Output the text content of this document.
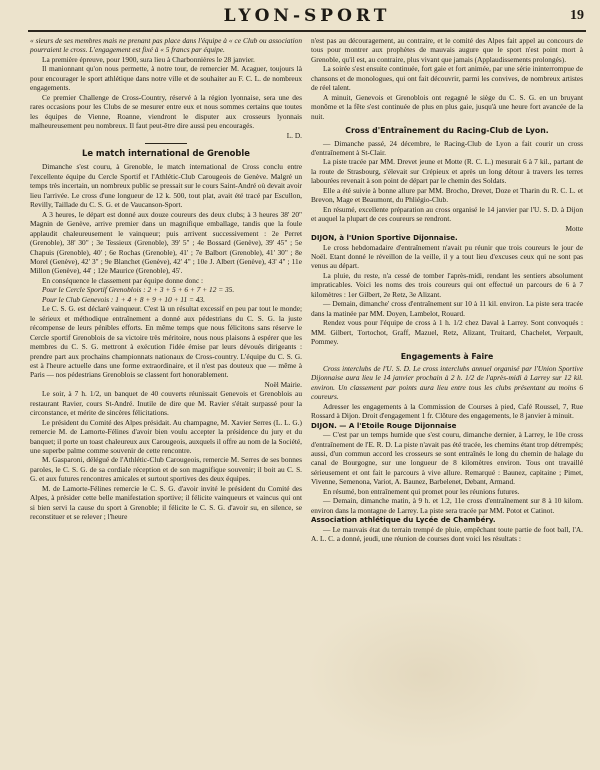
LYON-SPORT	19

« sieurs de ses membres mais ne prenant pas place dans l'équipe à « ce Club ou association pourraient le cross. L'engagement est fixé à « 5 francs par équipe.

La première épreuve, pour 1900, sura lieu à Charbonnières le 28 janvier.

Il manionnant qu'on nous permette, à notre tour, de remercier M. Acaguer, toujours là pour encourager le sport athlétique dans notre ville et de souhaiter au F. C. L. de nombreux engagements.

Ce premier Challenge de Cross-Country, réservé à la région lyonnaise, sera une des rares occasions pour les Clubs de se mesurer entre eux et nous sommes certains que toutes les équipes de Vienne, Roanne, viendront le disputer aux crosseurs lyonnais malheureusement peu nombreux. Il faut peut-être dire aussi peu encouragés.

L. D.

Le match international de Grenoble

Dimanche s'est couru, à Grenoble, le match international de Cross conclu entre l'excellente équipe du Cercle Sportif et l'Athlétic-Club Carougeois de Genève. Malgré un temps très incertain, un nombreux public se pressait sur le cours Saint-André où devait avoir lieu l'arrivée. Le cross d'une longueur de 12 k. 500, tout plat, avait été tracé par Escullon, Revilly, Taillade du C. S. G. et de Vaucanson-Sport.

A 3 heures, le départ est donné aux douze coureurs des deux clubs; à 3 heures 38' 20" Magnin de Genève, arrive premier dans un magnifique emballage, tandis que la foule applaudit chaleureusement le vainqueur; puis arrivent successivement : 2e Perret (Grenoble), 38' 30" ; 3e Tessieux (Grenoble), 39' 5" ; 4e Bossard (Genève), 39' 45" ; 5e Chapuis (Grenoble), 40' ; 6e Rochas (Grenoble), 41' ; 7e Balbort (Grenoble), 41' 30" ; 8e Morel (Genève), 42' 3" ; 9e Blanchet (Genève), 42' 4" ; 10e J. Albert (Genève), 43' 4" ; 11e Millon (Genève), 44' ; 12e Maurice (Grenoble), 45'.

En conséquence le classement par équipe donne donc :

Pour le Cercle Sportif Grenoblois : 2 + 3 + 5 + 6 + 7 + 12 = 35.

Pour le Club Genevois : 1 + 4 + 8 + 9 + 10 + 11 = 43.

Le C. S. G. est déclaré vainqueur. C'est là un résultat excessif en peu par tout le monde; le sérieux et méthodique entraînement a donné aux pédestrians du C. S. G. la juste récompense de leurs pénibles efforts. En même temps que nous félicitons sans réserve le Cercle sportif Grenoblois de sa victoire très méritoire, nous nous plaisons à espérer que les membres du C. S. G. mettront à exécution l'idée émise par leurs dévoués dirigeants : prendre part aux prochains championnats nationaux de Cross-country. L'équipe du C. S. G. est à l'heure actuelle dans une forme extraordinaire, et il n'est pas douteux que — même à Paris — nos pédestrians Grenoblois se classent fort honorablement.

Noël Mairie.

Le soir, à 7 h. 1/2, un banquet de 40 couverts réunissait Genevois et Grenoblois au restaurant Ravier, cours St-André. Inutile de dire que M. Ravier s'était surpassé pour la circonstance, et mérite de sincères félicitations.

Le président du Comité des Alpes présidait. Au champagne, M. Xavier Serres (L. L. G.) remercie M. de Lamorte-Félines d'avoir bien voulu accepter la présidence du jury et du banquet; il porte un toast chaleureux aux Carougeois, auxquels il offre au nom de la Société, une superbe palme comme souvenir de cette rencontre.

M. Gasparoni, délégué de l'Athlétic-Club Carougeois, remercie M. Serres de ses bonnes paroles, le C. S. G. de sa cordiale réception et de son magnifique souvenir; il boit au C. S. G. et aux futures rencontres amicales et surtout sportives des deux équipes.

M. de Lamorte-Félines remercie le C. S. G. d'avoir invité le président du Comité des Alpes, à présider cette belle manifestation sportive; il félicite vainqueurs et vaincus qui ont si bien servi la cause du sport à Grenoble; il félicite le C. S. G. d'avoir su, en silence, se reconstituer et se relever ; l'heure

n'est pas au découragement, au contraire, et le comité des Alpes fait appel au concours de tous pour montrer aux prophètes de mauvais augure que le sport n'est point mort à Grenoble, qu'il est, au contraire, plus vivant que jamais (Applaudissements prolongés).

La soirée s'est ensuite continuée, fort gaie et fort animée, par une série ininterrompue de chansons et de monologues, qui ont fait découvrir, parmi les convives, de nombreux artistes de réel talent.

A minuit, Genevois et Grenoblois ont regagné le siège du C. S. G. en un bruyant monôme et la fête s'est continuée de plus en plus gaie, jusqu'à une heure fort avancée de la nuit.

Cross d'Entraînement du Racing-Club de Lyon.

— Dimanche passé, 24 décembre, le Racing-Club de Lyon a fait courir un cross d'entraînement à St-Clair.

La piste tracée par MM. Drevet jeune et Motte (R. C. L.) mesurait 6 à 7 kil., partant de la route de Strasbourg, s'élevait sur Crépieux et après un long détour à travers les terres labourées revenait à son point de départ par le chemin des Soldats.

Elle a été suivie à bonne allure par MM. Brocho, Drevet, Doze et Tharin du R. C. L. et Brevon, Mage et Beaumont, du Phliégio-Club.

En résumé, excellente préparation au cross organisé le 14 janvier par l'U. S. D. à Dijon et auquel la plupart de ces coureurs se rendront.

Motte

DIJON, à l'Union Sportive Dijonnaise.

Le cross hebdomadaire d'entraînement n'avait pu réunir que trois coureurs le jour de Noël. Etant donné le réveillon de la veille, il y a tout lieu d'excuses ceux qui ne sont pas venus au départ.

La pluie, du reste, n'a cessé de tomber l'après-midi, rendant les sentiers absolument impraticables. Voici les noms des trois coureurs qui ont effectué un parcours de 6 à 7 kilomètres : 1er Gilbert, 2e Retz, 3e Alizant.

— Demain, dimanche' cross d'entraînement sur 10 à 11 kil. environ. La piste sera tracée dans la matinée par MM. Doyen, Lambelot, Rouard.

Rendez vous pour l'équipe de cross à 1 h. 1/2 chez Daval à Larrey. Sont convoqués : MM. Gilbert, Tortochot, Graff, Mazuel, Retz, Alizant, Truitard, Chachelet, Verpault, Pommey.

Engagements à Faire

Cross interclubs de l'U. S. D. Le cross interclubs annuel organisé par l'Union Sportive Dijonnaise aura lieu le 14 janvier prochain à 2 h. 1/2 de l'après-midi à Larrey sur 12 kil. environ. Un classement par points aura lieu entre tous les clubs présentant au moins 6 coureurs.

Adresser les engagements à la Commission de Courses à pied, Café Roussel, 7, Rue Rossard à Dijon. Droit d'engagement 1 fr. Clôture des engagements, le 8 janvier à minuit.

DIJON. — A l'Etoile Rouge Dijonnaise

— C'est par un temps humide que s'est couru, dimanche dernier, à Larrey, le 10e cross d'entraînement de l'E. R. D. La piste n'avait pas été tracée, les chemins étant trop détrempés; aussi, d'un commun accord les crosseurs se sont entraînés le long du chemin de halage du canal de Bourgogne, sur une longueur de 8 kilomètres environ. Tous ont travaillé sérieusement et ont fait le parcours à vive allure. Remarqué : Baunez, capitaine ; Pimet, Vivenne, Semenona, Variot, A. Baunez, Barbelenet, Debant, Armand.

En résumé, bon entraînement qui promet pour les réunions futures.

— Demain, dimanche matin, à 9 h. et 1.2, 11e cross d'entraînement sur 8 à 10 kilom. environ dans la montagne de Larrey. La piste sera tracée par MM. Potot et Catinot.

Association athlétique du Lycée de Chambéry.

— Le mauvais état du terrain trempé de pluie, empêchant toute partie de foot ball, l'A. A. L. C. a donné, jeudi, une réunion de courses dont voici les résultats :
